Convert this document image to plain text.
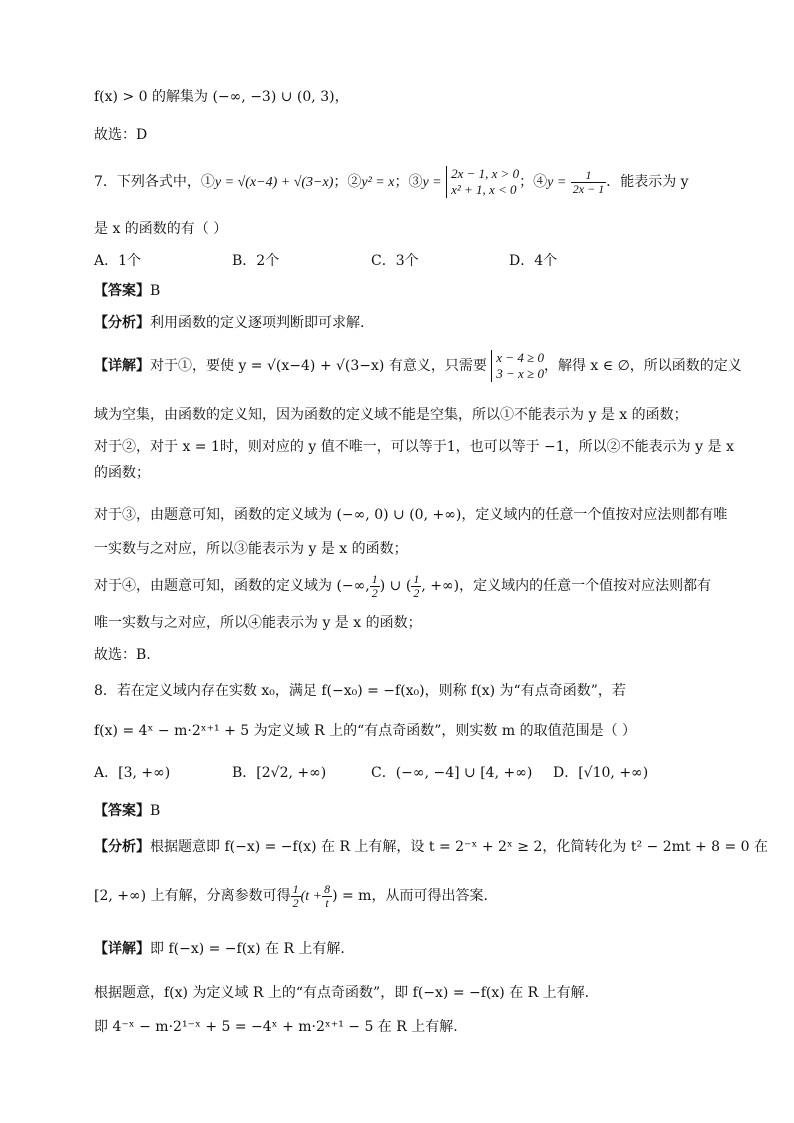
f(x) > 0 的解集为 (−∞, −3) ∪ (0, 3)，
故选：D
7．下列各式中，①y = √(x−4) + √(3−x)；②y² = x；③y =
2x − 1, x > 0
x² + 1, x < 0 ；④y = $\frac{1}{2x - 1}$ ．能表示为 y
是 x 的函数的有（ ）
A．1个	B．2个	C．3个	D．4个
【答案】B
【分析】利用函数的定义逐项判断即可求解.
【详解】对于①，要使 y = √(x−4) + √(3−x) 有意义，只需要
x − 4 ≥ 0
3 − x ≥ 0 ，解得 x ∈ ∅，所以函数的定义
域为空集，由函数的定义知，因为函数的定义域不能是空集，所以①不能表示为 y 是 x 的函数；
对于②，对于 x = 1时，则对应的 y 值不唯一，可以等于1，也可以等于 −1，所以②不能表示为 y 是 x
的函数；
对于③，由题意可知，函数的定义域为 (−∞, 0) ∪ (0, +∞)，定义域内的任意一个值按对应法则都有唯
一实数与之对应，所以③能表示为 y 是 x 的函数；
对于④，由题意可知，函数的定义域为 (−∞, $\frac{1}{2}$ ) ∪ ( $\frac{1}{2}$ , +∞)，定义域内的任意一个值按对应法则都有
唯一实数与之对应，所以④能表示为 y 是 x 的函数；
故选：B.
8．若在定义域内存在实数 x₀，满足 f(−x₀) = −f(x₀)，则称 f(x) 为“有点奇函数”，若
f(x) = 4ˣ − m·2ˣ⁺¹ + 5 为定义域 R 上的“有点奇函数”，则实数 m 的取值范围是（ ）
A．[3, +∞)	B．[2√2, +∞)	C．(−∞, −4] ∪ [4, +∞) D．[√10, +∞)
【答案】B
【分析】根据题意即 f(−x) = −f(x) 在 R 上有解，设 t = 2⁻ˣ + 2ˣ ≥ 2，化简转化为 t² − 2mt + 8 = 0 在
[2, +∞) 上有解，分离参数可得 $\frac{1}{2} (t + \frac{8}{t}$ ) = m，从而可得出答案.
【详解】即 f(−x) = −f(x) 在 R 上有解.
根据题意，f(x) 为定义域 R 上的“有点奇函数”，即 f(−x) = −f(x) 在 R 上有解.
即 4⁻ˣ − m·2¹⁻ˣ + 5 = −4ˣ + m·2ˣ⁺¹ − 5 在 R 上有解.
